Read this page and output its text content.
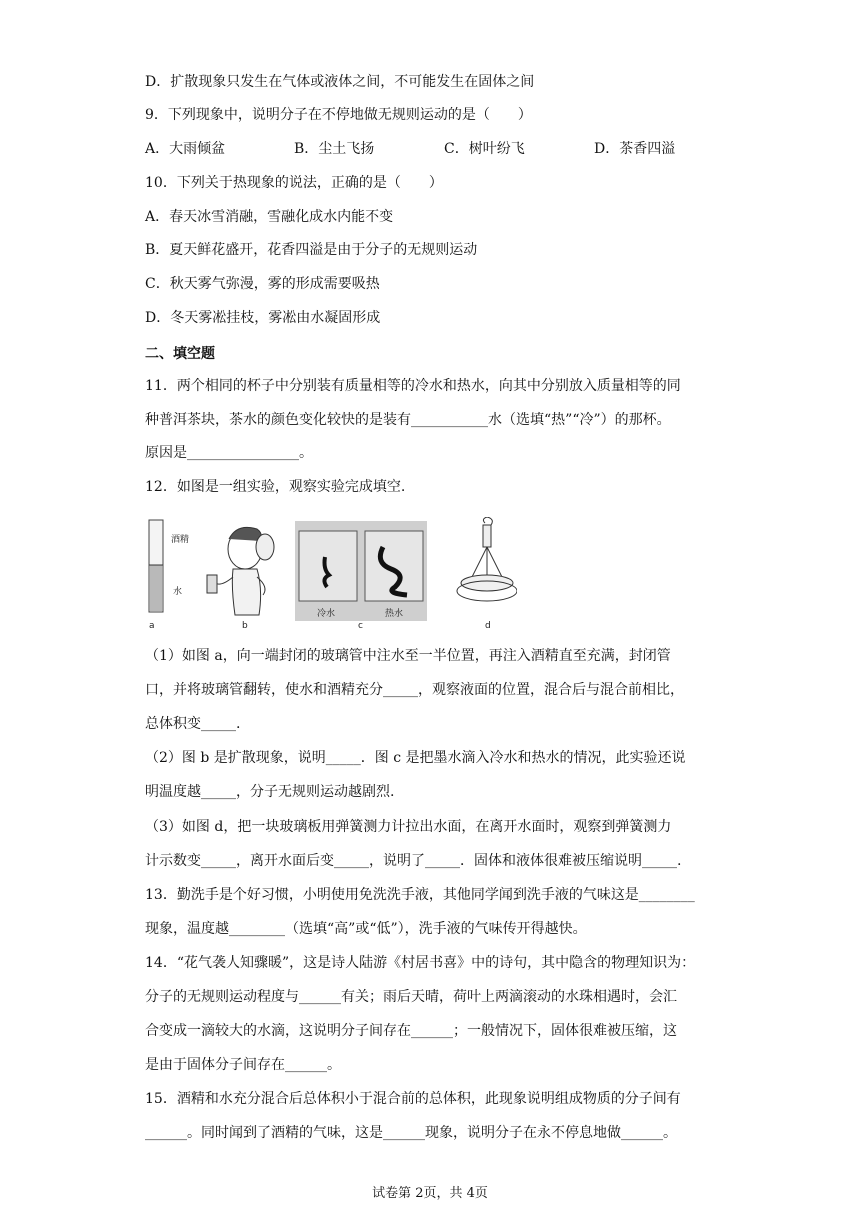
D．扩散现象只发生在气体或液体之间，不可能发生在固体之间
9．下列现象中，说明分子在不停地做无规则运动的是（　　）
A．大雨倾盆	B．尘土飞扬	C．树叶纷飞	D．茶香四溢
10．下列关于热现象的说法，正确的是（　　）
A．春天冰雪消融，雪融化成水内能不变
B．夏天鲜花盛开，花香四溢是由于分子的无规则运动
C．秋天雾气弥漫，雾的形成需要吸热
D．冬天雾凇挂枝，雾凇由水凝固形成
二、填空题
11．两个相同的杯子中分别装有质量相等的冷水和热水，向其中分别放入质量相等的同
种普洱茶块，茶水的颜色变化较快的是装有___________水（选填“热”“冷”）的那杯。
原因是________________。
12．如图是一组实验，观察实验完成填空.
酒精
水
冷水	热水
a	b	c	d
（1）如图 a，向一端封闭的玻璃管中注水至一半位置，再注入酒精直至充满，封闭管
口，并将玻璃管翻转，使水和酒精充分_____，观察液面的位置，混合后与混合前相比，
总体积变_____.
（2）图 b 是扩散现象，说明_____．图 c 是把墨水滴入冷水和热水的情况，此实验还说
明温度越_____，分子无规则运动越剧烈.
（3）如图 d，把一块玻璃板用弹簧测力计拉出水面，在离开水面时，观察到弹簧测力
计示数变_____，离开水面后变_____，说明了_____．固体和液体很难被压缩说明_____.
13．勤洗手是个好习惯，小明使用免洗洗手液，其他同学闻到洗手液的气味这是________
现象，温度越________（选填“高”或“低”），洗手液的气味传开得越快。
14．“花气袭人知骤暖”，这是诗人陆游《村居书喜》中的诗句，其中隐含的物理知识为：
分子的无规则运动程度与______有关；雨后天晴，荷叶上两滴滚动的水珠相遇时，会汇
合变成一滴较大的水滴，这说明分子间存在______；一般情况下，固体很难被压缩，这
是由于固体分子间存在______。
15．酒精和水充分混合后总体积小于混合前的总体积，此现象说明组成物质的分子间有
______。同时闻到了酒精的气味，这是______现象，说明分子在永不停息地做______。
试卷第 2页，共 4页
